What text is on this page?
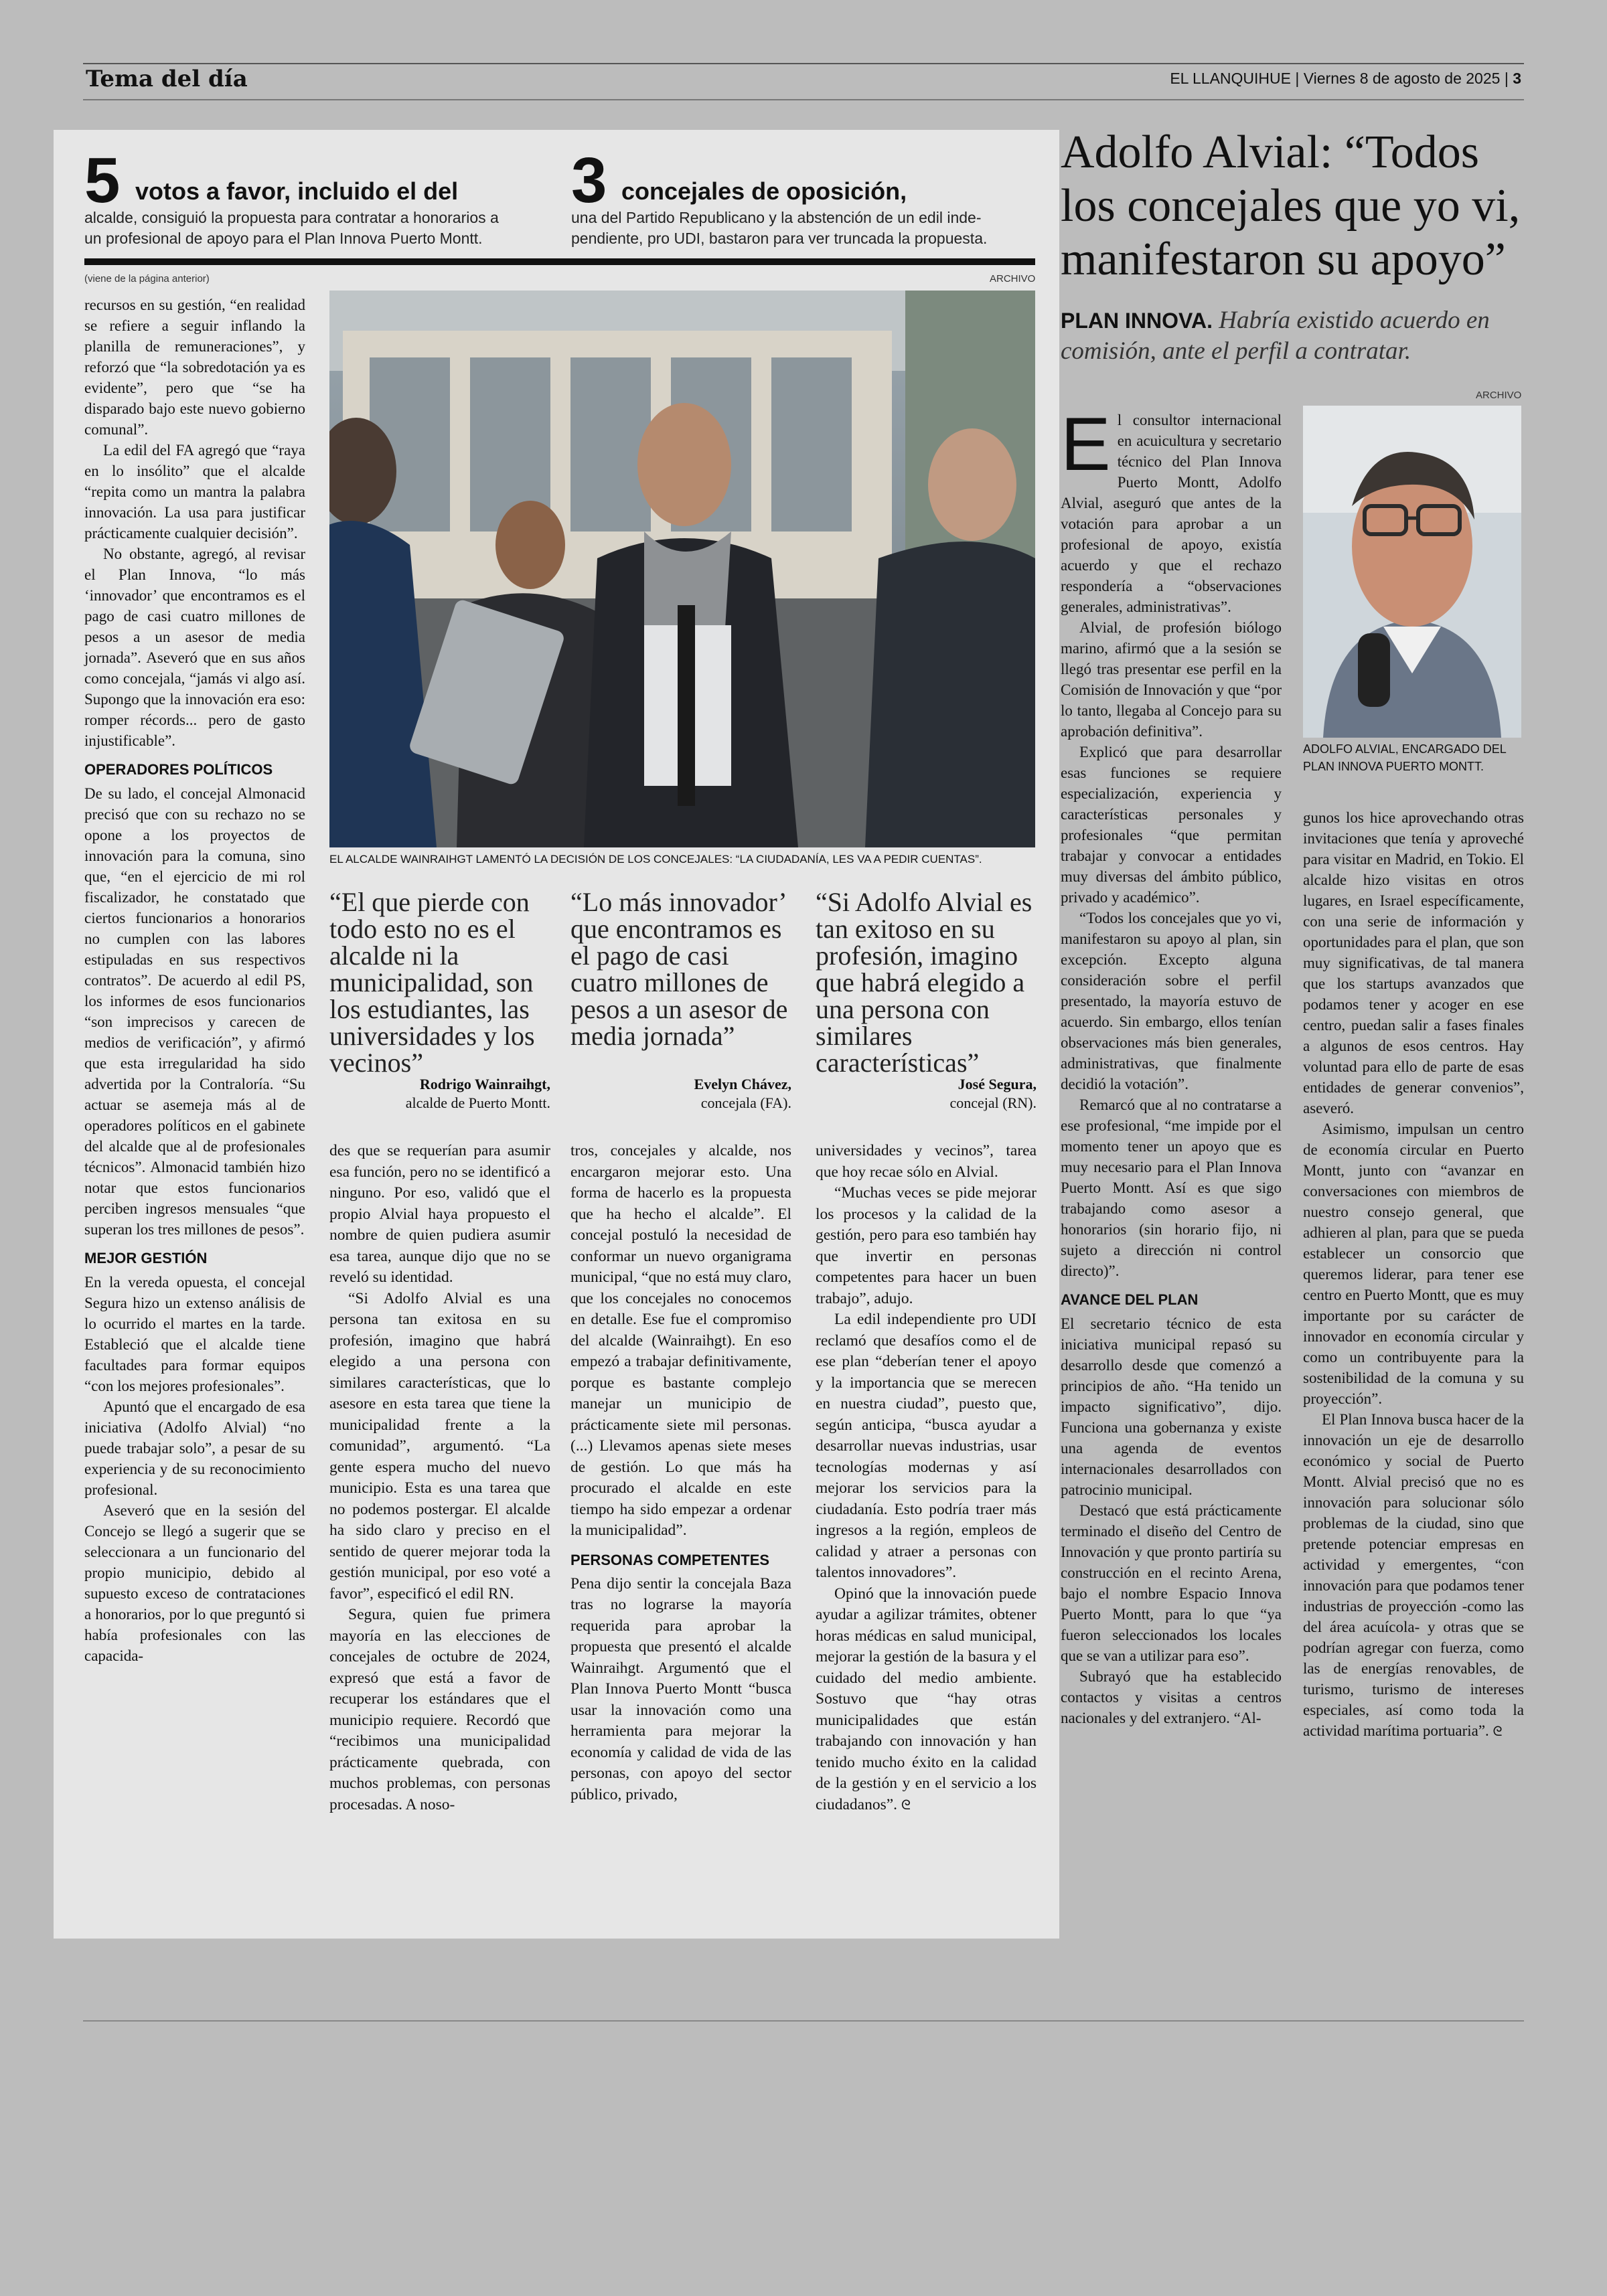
Tema del día	EL LLANQUIHUE | Viernes 8 de agosto de 2025 | 3
5 votos a favor, incluido el del
alcalde, consiguió la propuesta para contratar a honorarios a
un profesional de apoyo para el Plan Innova Puerto Montt.
3 concejales de oposición,
una del Partido Republicano y la abstención de un edil inde-
pendiente, pro UDI, bastaron para ver truncada la propuesta.
(viene de la página anterior)	ARCHIVO
EL ALCALDE WAINRAIHGT LAMENTÓ LA DECISIÓN DE LOS CONCEJALES: “LA CIUDADANÍA, LES VA A PEDIR CUENTAS”.
“El que pierde con todo esto no es el alcalde ni la municipalidad, son los estudiantes, las universidades y los vecinos”
Rodrigo Wainraihgt,
alcalde de Puerto Montt.
“Lo más innovador’ que encontramos es el pago de casi cuatro millones de pesos a un asesor de media jornada”
Evelyn Chávez,
concejala (FA).
“Si Adolfo Alvial es tan exitoso en su profesión, imagino que habrá elegido a una persona con similares características”
José Segura,
concejal (RN).

recursos en su gestión, “en realidad se refiere a seguir inflando la planilla de remuneraciones”, y reforzó que “la sobredotación ya es evidente”, pero que “se ha disparado bajo este nuevo gobierno comunal”.

La edil del FA agregó que “raya en lo insólito” que el alcalde “repita como un mantra la palabra innovación. La usa para justificar prácticamente cualquier decisión”.

No obstante, agregó, al revisar el Plan Innova, “lo más ‘innovador’ que encontramos es el pago de casi cuatro millones de pesos a un asesor de media jornada”. Aseveró que en sus años como concejala, “jamás vi algo así. Supongo que la innovación era eso: romper récords... pero de gasto injustificable”.

OPERADORES POLÍTICOS

De su lado, el concejal Almonacid precisó que con su rechazo no se opone a los proyectos de innovación para la comuna, sino que, “en el ejercicio de mi rol fiscalizador, he constatado que ciertos funcionarios a honorarios no cumplen con las labores estipuladas en sus respectivos contratos”. De acuerdo al edil PS, los informes de esos funcionarios “son imprecisos y carecen de medios de verificación”, y afirmó que esta irregularidad ha sido advertida por la Contraloría. “Su actuar se asemeja más al de operadores políticos en el gabinete del alcalde que al de profesionales técnicos”. Almonacid también hizo notar que estos funcionarios perciben ingresos mensuales “que superan los tres millones de pesos”.

MEJOR GESTIÓN

En la vereda opuesta, el concejal Segura hizo un extenso análisis de lo ocurrido el martes en la tarde. Estableció que el alcalde tiene facultades para formar equipos “con los mejores profesionales”.

Apuntó que el encargado de esa iniciativa (Adolfo Alvial) “no puede trabajar solo”, a pesar de su experiencia y de su reconocimiento profesional.

Aseveró que en la sesión del Concejo se llegó a sugerir que se seleccionara a un funcionario del propio municipio, debido al supuesto exceso de contrataciones a honorarios, por lo que preguntó si había profesionales con las capacida-

des que se requerían para asumir esa función, pero no se identificó a ninguno. Por eso, validó que el propio Alvial haya propuesto el nombre de quien pudiera asumir esa tarea, aunque dijo que no se reveló su identidad.

“Si Adolfo Alvial es una persona tan exitosa en su profesión, imagino que habrá elegido a una persona con similares características, que lo asesore en esta tarea que tiene la municipalidad frente a la comunidad”, argumentó. “La gente espera mucho del nuevo municipio. Esta es una tarea que no podemos postergar. El alcalde ha sido claro y preciso en el sentido de querer mejorar toda la gestión municipal, por eso voté a favor”, especificó el edil RN.

Segura, quien fue primera mayoría en las elecciones de concejales de octubre de 2024, expresó que está a favor de recuperar los estándares que el municipio requiere. Recordó que “recibimos una municipalidad prácticamente quebrada, con muchos problemas, con personas procesadas. A noso-

tros, concejales y alcalde, nos encargaron mejorar esto. Una forma de hacerlo es la propuesta que ha hecho el alcalde”. El concejal postuló la necesidad de conformar un nuevo organigrama municipal, “que no está muy claro, que los concejales no conocemos en detalle. Ese fue el compromiso del alcalde (Wainraihgt). En eso empezó a trabajar definitivamente, porque es bastante complejo manejar un municipio de prácticamente siete mil personas. (...) Llevamos apenas siete meses de gestión. Lo que más ha procurado el alcalde en este tiempo ha sido empezar a ordenar la municipalidad”.

PERSONAS COMPETENTES

Pena dijo sentir la concejala Baza tras no lograrse la mayoría requerida para aprobar la propuesta que presentó el alcalde Wainraihgt. Argumentó que el Plan Innova Puerto Montt “busca usar la innovación como una herramienta para mejorar la economía y calidad de vida de las personas, con apoyo del sector público, privado,

universidades y vecinos”, tarea que hoy recae sólo en Alvial.

“Muchas veces se pide mejorar los procesos y la calidad de la gestión, pero para eso también hay que invertir en personas competentes para hacer un buen trabajo”, adujo.

La edil independiente pro UDI reclamó que desafíos como el de ese plan “deberían tener el apoyo y la importancia que se merecen en nuestra ciudad”, puesto que, según anticipa, “busca ayudar a desarrollar nuevas industrias, usar tecnologías modernas y así mejorar los servicios para la ciudadanía. Esto podría traer más ingresos a la región, empleos de calidad y atraer a personas con talentos innovadores”.

Opinó que la innovación puede ayudar a agilizar trámites, obtener horas médicas en salud municipal, mejorar la gestión de la basura y el cuidado del medio ambiente. Sostuvo que “hay otras municipalidades que están trabajando con innovación y han tenido mucho éxito en la calidad de la gestión y en el servicio a los ciudadanos”. ᘓ

Adolfo Alvial: “Todos los concejales que yo vi, manifestaron su apoyo”
PLAN INNOVA. Habría existido acuerdo en comisión, ante el perfil a contratar.
ARCHIVO
ADOLFO ALVIAL, ENCARGADO DEL
PLAN INNOVA PUERTO MONTT.

El consultor internacional en acuicultura y secretario técnico del Plan Innova Puerto Montt, Adolfo Alvial, aseguró que antes de la votación para aprobar a un profesional de apoyo, existía acuerdo y que el rechazo respondería a “observaciones generales, administrativas”.

Alvial, de profesión biólogo marino, afirmó que a la sesión se llegó tras presentar ese perfil en la Comisión de Innovación y que “por lo tanto, llegaba al Concejo para su aprobación definitiva”.

Explicó que para desarrollar esas funciones se requiere especialización, experiencia y características personales y profesionales “que permitan trabajar y convocar a entidades muy diversas del ámbito público, privado y académico”.

“Todos los concejales que yo vi, manifestaron su apoyo al plan, sin excepción. Excepto alguna consideración sobre el perfil presentado, la mayoría estuvo de acuerdo. Sin embargo, ellos tenían observaciones más bien generales, administrativas, que finalmente decidió la votación”.

Remarcó que al no contratarse a ese profesional, “me impide por el momento tener un apoyo que es muy necesario para el Plan Innova Puerto Montt. Así es que sigo trabajando como asesor a honorarios (sin horario fijo, ni sujeto a dirección ni control directo)”.

AVANCE DEL PLAN

El secretario técnico de esta iniciativa municipal repasó su desarrollo desde que comenzó a principios de año. “Ha tenido un impacto significativo”, dijo. Funciona una gobernanza y existe una agenda de eventos internacionales desarrollados con patrocinio municipal.

Destacó que está prácticamente terminado el diseño del Centro de Innovación y que pronto partiría su construcción en el recinto Arena, bajo el nombre Espacio Innova Puerto Montt, para lo que “ya fueron seleccionados los locales que se van a utilizar para eso”.

Subrayó que ha establecido contactos y visitas a centros nacionales y del extranjero. “Al-

gunos los hice aprovechando otras invitaciones que tenía y aproveché para visitar en Madrid, en Tokio. El alcalde hizo visitas en otros lugares, en Israel específicamente, con una serie de información y oportunidades para el plan, que son muy significativas, de tal manera que los startups avanzados que podamos tener y acoger en ese centro, puedan salir a fases finales a algunos de esos centros. Hay voluntad para ello de parte de esas entidades de generar convenios”, aseveró.

Asimismo, impulsan un centro de economía circular en Puerto Montt, junto con “avanzar en conversaciones con miembros de nuestro consejo general, que adhieren al plan, para que se pueda establecer un consorcio que queremos liderar, para tener ese centro en Puerto Montt, que es muy importante por su carácter de innovador en economía circular y como un contribuyente para la sostenibilidad de la comuna y su proyección”.

El Plan Innova busca hacer de la innovación un eje de desarrollo económico y social de Puerto Montt. Alvial precisó que no es innovación para solucionar sólo problemas de la ciudad, sino que pretende potenciar empresas en actividad y emergentes, “con innovación para que podamos tener industrias de proyección -como las del área acuícola- y otras que se podrían agregar con fuerza, como las de energías renovables, de turismo, turismo de intereses especiales, así como toda la actividad marítima portuaria”. ᘓ
